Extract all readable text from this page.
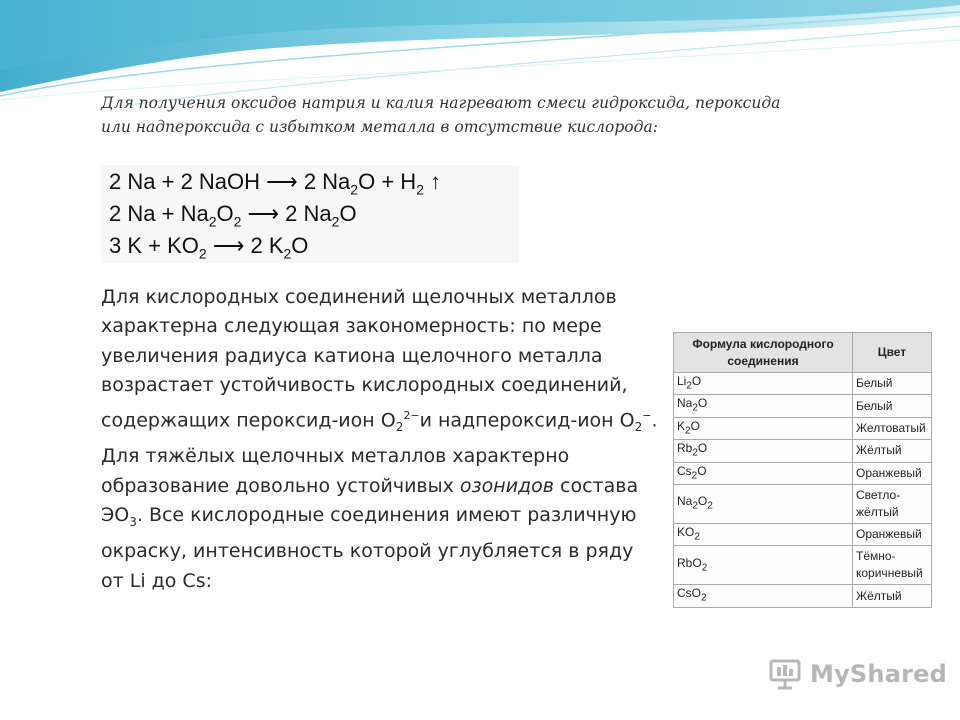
Для получения оксидов натрия и калия нагревают смеси гидроксида, пероксида или надпероксида с избытком металла в отсутствие кислорода:

2 Na + 2 NaOH ⟶ 2 $Na_2O + H_2$ ↑
2 $Na + Na_2O_2$ ⟶ 2 $Na_2O$
3 $K + KO_2$ ⟶ 2 $K_2O$

Для кислородных соединений щелочных металлов характерна следующая закономерность: по мере увеличения радиуса катиона щелочного металла возрастает устойчивость кислородных соединений, содержащих пероксид-ион $O_2^{2-}и$ надпероксид-ион $O_2^-$.

Для тяжёлых щелочных металлов характерно образование довольно устойчивых озонидов состава $ЭО_3$. Все кислородные соединения имеют различную окраску, интенсивность которой углубляется в ряду от Li до Cs:

Формула кислородного соединения	Цвет
$Li_2O$	Белый
$Na_2O$	Белый
$K_2O$	Желтоватый
$Rb_2O$	Жёлтый
$Cs_2O$	Оранжевый
$Na_2O_2$	Светло-жёлтый
$KO_2$	Оранжевый
RbO$_2$	Тёмно-коричневый
CsO$_2$	Жёлтый
MyShared
